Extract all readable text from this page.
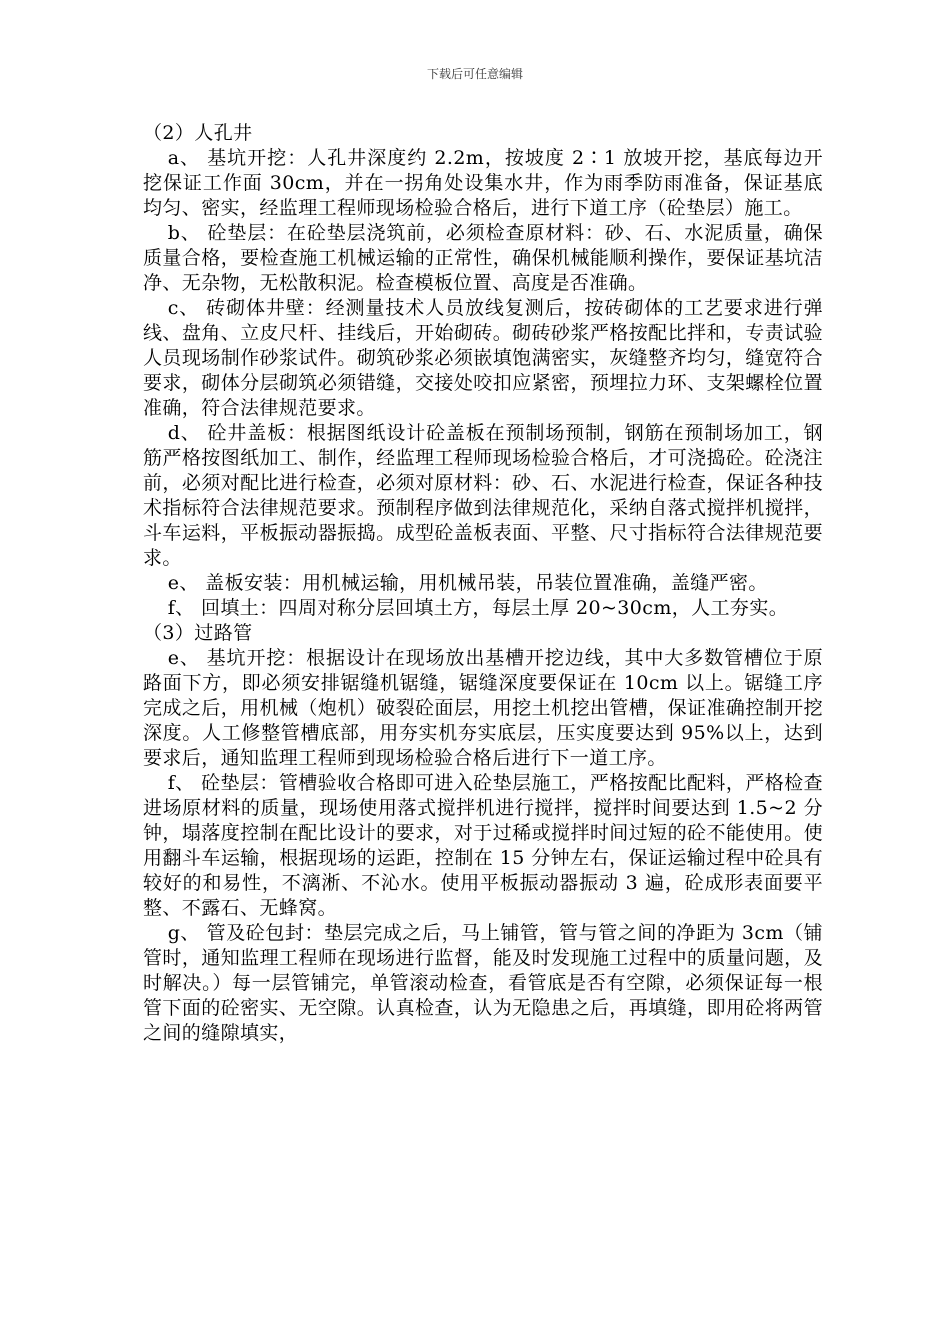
下载后可任意编辑

（2）人孔井

a、 基坑开挖：人孔井深度约 2.2m，按坡度 2∶1 放坡开挖，基底每边开挖保证工作面 30cm，并在一拐角处设集水井，作为雨季防雨准备，保证基底均匀、密实，经监理工程师现场检验合格后，进行下道工序（砼垫层）施工。

b、 砼垫层：在砼垫层浇筑前，必须检查原材料：砂、石、水泥质量，确保质量合格，要检查施工机械运输的正常性，确保机械能顺利操作，要保证基坑洁净、无杂物，无松散积泥。检查模板位置、高度是否准确。

c、 砖砌体井壁：经测量技术人员放线复测后，按砖砌体的工艺要求进行弹线、盘角、立皮尺杆、挂线后，开始砌砖。砌砖砂浆严格按配比拌和，专责试验人员现场制作砂浆试件。砌筑砂浆必须嵌填饱满密实，灰缝整齐均匀，缝宽符合要求，砌体分层砌筑必须错缝，交接处咬扣应紧密，预埋拉力环、支架螺栓位置准确，符合法律规范要求。

d、 砼井盖板：根据图纸设计砼盖板在预制场预制，钢筋在预制场加工，钢筋严格按图纸加工、制作，经监理工程师现场检验合格后，才可浇捣砼。砼浇注前，必须对配比进行检查，必须对原材料：砂、石、水泥进行检查，保证各种技术指标符合法律规范要求。预制程序做到法律规范化，采纳自落式搅拌机搅拌，斗车运料，平板振动器振捣。成型砼盖板表面、平整、尺寸指标符合法律规范要求。

e、 盖板安装：用机械运输，用机械吊装，吊装位置准确，盖缝严密。

f、 回填土：四周对称分层回填土方，每层土厚 20~30cm，人工夯实。

（3）过路管

e、 基坑开挖：根据设计在现场放出基槽开挖边线，其中大多数管槽位于原路面下方，即必须安排锯缝机锯缝，锯缝深度要保证在 10cm 以上。锯缝工序完成之后，用机械（炮机）破裂砼面层，用挖土机挖出管槽，保证准确控制开挖深度。人工修整管槽底部，用夯实机夯实底层，压实度要达到 95%以上，达到要求后，通知监理工程师到现场检验合格后进行下一道工序。

f、 砼垫层：管槽验收合格即可进入砼垫层施工，严格按配比配料，严格检查进场原材料的质量，现场使用落式搅拌机进行搅拌，搅拌时间要达到 1.5~2 分钟，塌落度控制在配比设计的要求，对于过稀或搅拌时间过短的砼不能使用。使用翻斗车运输，根据现场的运距，控制在 15 分钟左右，保证运输过程中砼具有较好的和易性，不漓淅、不沁水。使用平板振动器振动 3 遍，砼成形表面要平整、不露石、无蜂窝。

g、 管及砼包封：垫层完成之后，马上铺管，管与管之间的净距为 3cm（铺管时，通知监理工程师在现场进行监督，能及时发现施工过程中的质量问题，及时解决。）每一层管铺完，单管滚动检查，看管底是否有空隙，必须保证每一根管下面的砼密实、无空隙。认真检查，认为无隐患之后，再填缝，即用砼将两管之间的缝隙填实，
